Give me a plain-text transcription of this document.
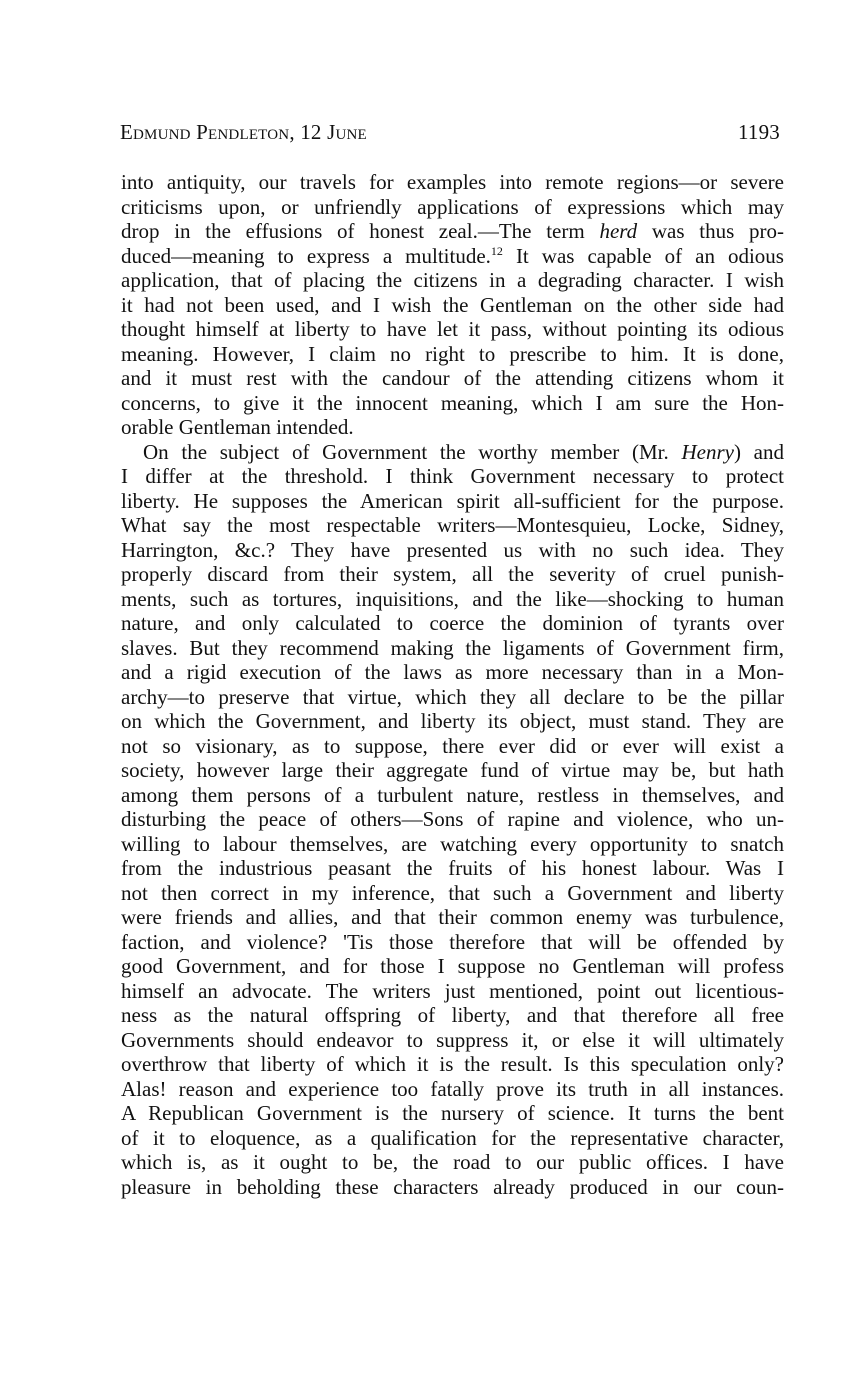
Edmund Pendleton, 12 June	1193
into antiquity, our travels for examples into remote regions—or severe
criticisms upon, or unfriendly applications of expressions which may
drop in the effusions of honest zeal.—The term herd was thus pro-
duced—meaning to express a multitude.$^{12}$ It was capable of an odious
application, that of placing the citizens in a degrading character. I wish
it had not been used, and I wish the Gentleman on the other side had
thought himself at liberty to have let it pass, without pointing its odious
meaning. However, I claim no right to prescribe to him. It is done,
and it must rest with the candour of the attending citizens whom it
concerns, to give it the innocent meaning, which I am sure the Hon-
orable Gentleman intended.
On the subject of Government the worthy member (Mr. Henry) and
I differ at the threshold. I think Government necessary to protect
liberty. He supposes the American spirit all-sufficient for the purpose.
What say the most respectable writers—Montesquieu, Locke, Sidney,
Harrington, &c.? They have presented us with no such idea. They
properly discard from their system, all the severity of cruel punish-
ments, such as tortures, inquisitions, and the like—shocking to human
nature, and only calculated to coerce the dominion of tyrants over
slaves. But they recommend making the ligaments of Government firm,
and a rigid execution of the laws as more necessary than in a Mon-
archy—to preserve that virtue, which they all declare to be the pillar
on which the Government, and liberty its object, must stand. They are
not so visionary, as to suppose, there ever did or ever will exist a
society, however large their aggregate fund of virtue may be, but hath
among them persons of a turbulent nature, restless in themselves, and
disturbing the peace of others—Sons of rapine and violence, who un-
willing to labour themselves, are watching every opportunity to snatch
from the industrious peasant the fruits of his honest labour. Was I
not then correct in my inference, that such a Government and liberty
were friends and allies, and that their common enemy was turbulence,
faction, and violence? 'Tis those therefore that will be offended by
good Government, and for those I suppose no Gentleman will profess
himself an advocate. The writers just mentioned, point out licentious-
ness as the natural offspring of liberty, and that therefore all free
Governments should endeavor to suppress it, or else it will ultimately
overthrow that liberty of which it is the result. Is this speculation only?
Alas! reason and experience too fatally prove its truth in all instances.
A Republican Government is the nursery of science. It turns the bent
of it to eloquence, as a qualification for the representative character,
which is, as it ought to be, the road to our public offices. I have
pleasure in beholding these characters already produced in our coun-
